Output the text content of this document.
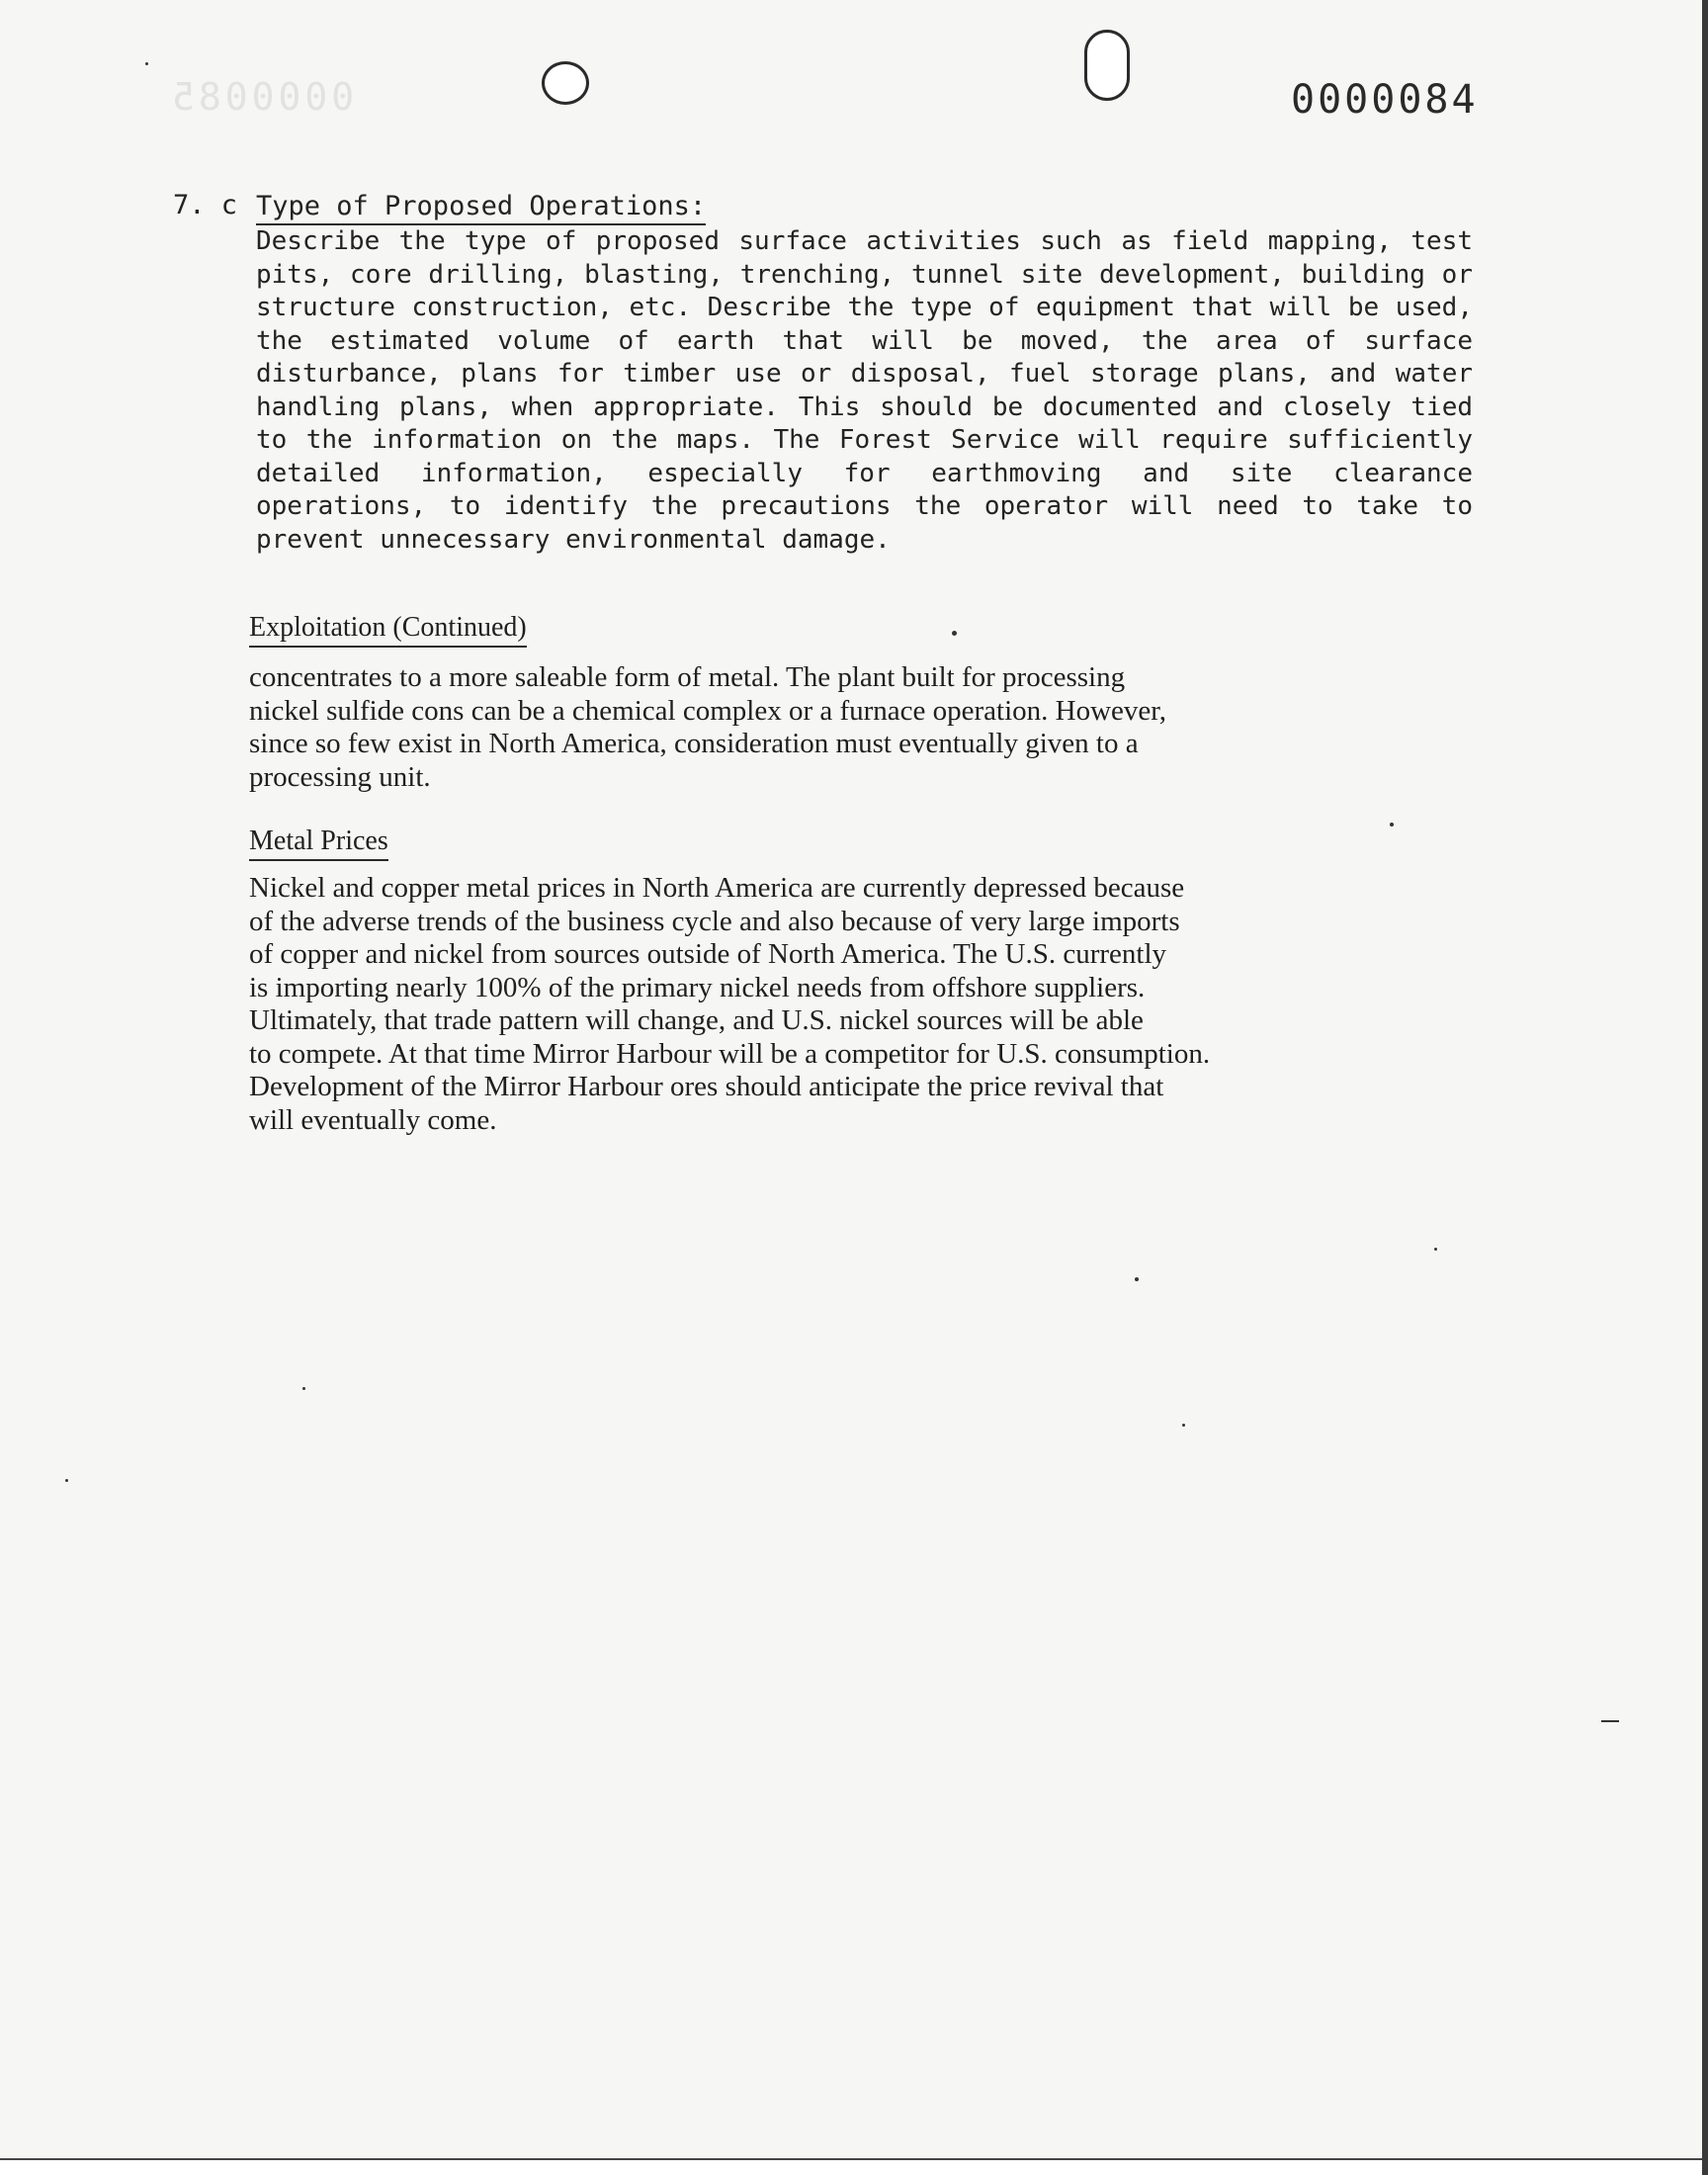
0000085	0000084
7. c Type of Proposed Operations:

Describe the type of proposed surface activities such as field mapping, test pits, core drilling, blasting, trenching, tunnel site development, building or structure construction, etc. Describe the type of equipment that will be used, the estimated volume of earth that will be moved, the area of surface disturbance, plans for timber use or disposal, fuel storage plans, and water handling plans, when appropriate. This should be documented and closely tied to the information on the maps. The Forest Service will require sufficiently detailed information, especially for earthmoving and site clearance operations, to identify the precautions the operator will need to take to prevent unnecessary environmental damage.

Exploitation (Continued)

concentrates to a more saleable form of metal. The plant built for processing
nickel sulfide cons can be a chemical complex or a furnace operation. However,
since so few exist in North America, consideration must eventually given to a
processing unit.

Metal Prices

Nickel and copper metal prices in North America are currently depressed because
of the adverse trends of the business cycle and also because of very large imports
of copper and nickel from sources outside of North America. The U.S. currently
is importing nearly 100% of the primary nickel needs from offshore suppliers.
Ultimately, that trade pattern will change, and U.S. nickel sources will be able
to compete. At that time Mirror Harbour will be a competitor for U.S. consumption.
Development of the Mirror Harbour ores should anticipate the price revival that
will eventually come.
